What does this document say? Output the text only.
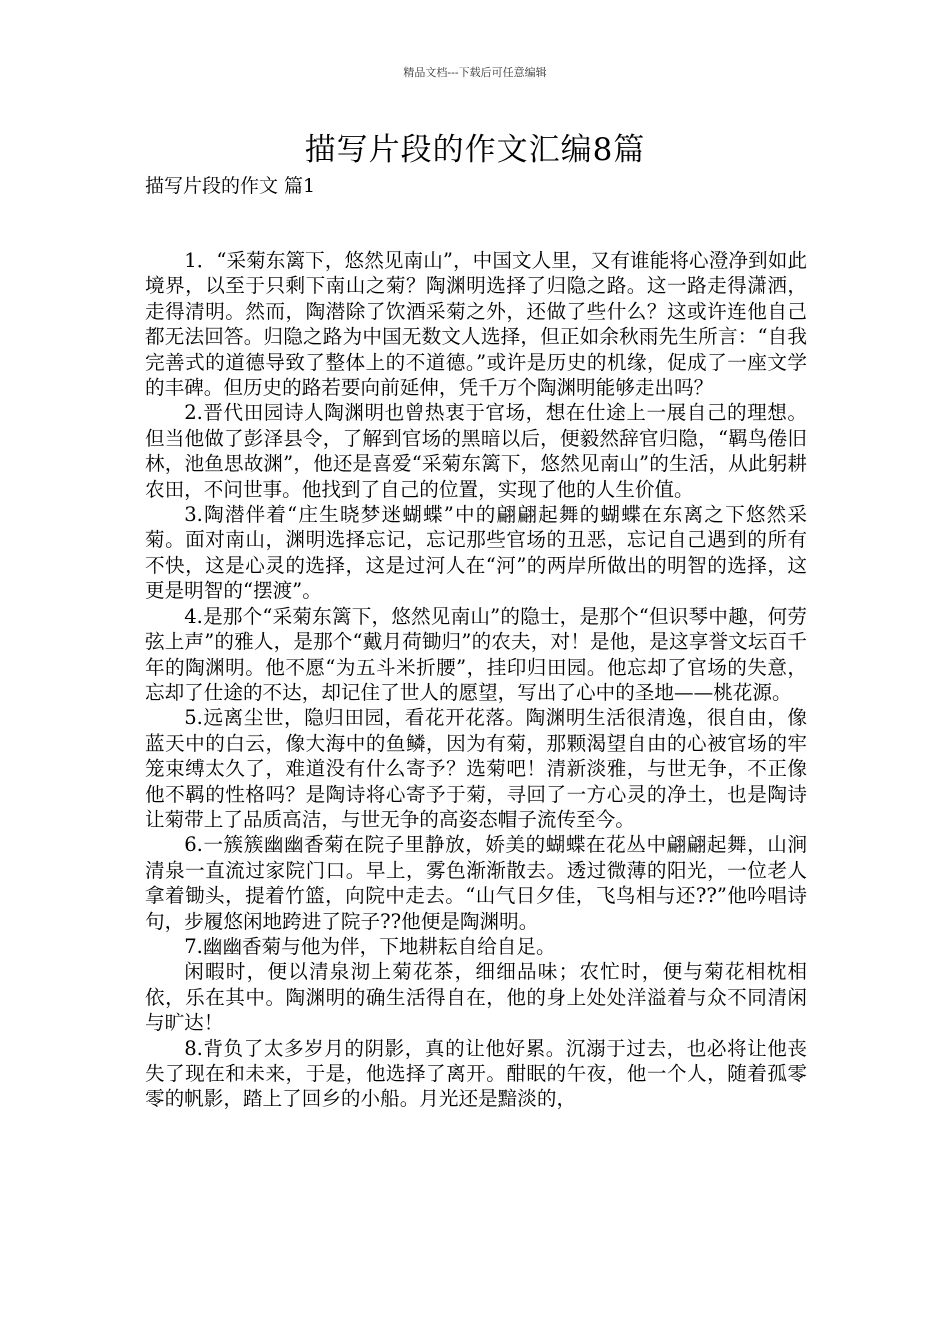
精品文档---下载后可任意编辑
描写片段的作文汇编8篇
描写片段的作文 篇1

1．“采菊东篱下，悠然见南山”，中国文人里，又有谁能将心澄净到如此境界，以至于只剩下南山之菊？陶渊明选择了归隐之路。这一路走得潇洒，走得清明。然而，陶潜除了饮酒采菊之外，还做了些什么？这或许连他自己都无法回答。归隐之路为中国无数文人选择，但正如余秋雨先生所言：“自我完善式的道德导致了整体上的不道德。”或许是历史的机缘，促成了一座文学的丰碑。但历史的路若要向前延伸，凭千万个陶渊明能够走出吗？

2.晋代田园诗人陶渊明也曾热衷于官场，想在仕途上一展自己的理想。但当他做了彭泽县令，了解到官场的黑暗以后，便毅然辞官归隐，“羁鸟倦旧林，池鱼思故渊”，他还是喜爱“采菊东篱下，悠然见南山”的生活，从此躬耕农田，不问世事。他找到了自己的位置，实现了他的人生价值。

3.陶潜伴着“庄生晓梦迷蝴蝶”中的翩翩起舞的蝴蝶在东离之下悠然采菊。面对南山，渊明选择忘记，忘记那些官场的丑恶，忘记自己遇到的所有不快，这是心灵的选择，这是过河人在“河”的两岸所做出的明智的选择，这更是明智的“摆渡”。

4.是那个“采菊东篱下，悠然见南山”的隐士，是那个“但识琴中趣，何劳弦上声”的雅人，是那个“戴月荷锄归”的农夫，对！是他，是这享誉文坛百千年的陶渊明。他不愿“为五斗米折腰”，挂印归田园。他忘却了官场的失意，忘却了仕途的不达，却记住了世人的愿望，写出了心中的圣地——桃花源。

5.远离尘世，隐归田园，看花开花落。陶渊明生活很清逸，很自由，像蓝天中的白云，像大海中的鱼鳞，因为有菊，那颗渴望自由的心被官场的牢笼束缚太久了，难道没有什么寄予？选菊吧！清新淡雅，与世无争，不正像他不羁的性格吗？是陶诗将心寄予于菊，寻回了一方心灵的净土，也是陶诗让菊带上了品质高洁，与世无争的高姿态帽子流传至今。

6.一簇簇幽幽香菊在院子里静放，娇美的蝴蝶在花丛中翩翩起舞，山涧清泉一直流过家院门口。早上，雾色渐渐散去。透过微薄的阳光，一位老人拿着锄头，提着竹篮，向院中走去。“山气日夕佳，飞鸟相与还??”他吟唱诗句，步履悠闲地跨进了院子??他便是陶渊明。

7.幽幽香菊与他为伴，下地耕耘自给自足。

闲暇时，便以清泉沏上菊花茶，细细品味；农忙时，便与菊花相枕相依，乐在其中。陶渊明的确生活得自在，他的身上处处洋溢着与众不同清闲与旷达！

8.背负了太多岁月的阴影，真的让他好累。沉溺于过去，也必将让他丧失了现在和未来，于是，他选择了离开。酣眠的午夜，他一个人，随着孤零零的帆影，踏上了回乡的小船。月光还是黯淡的，
